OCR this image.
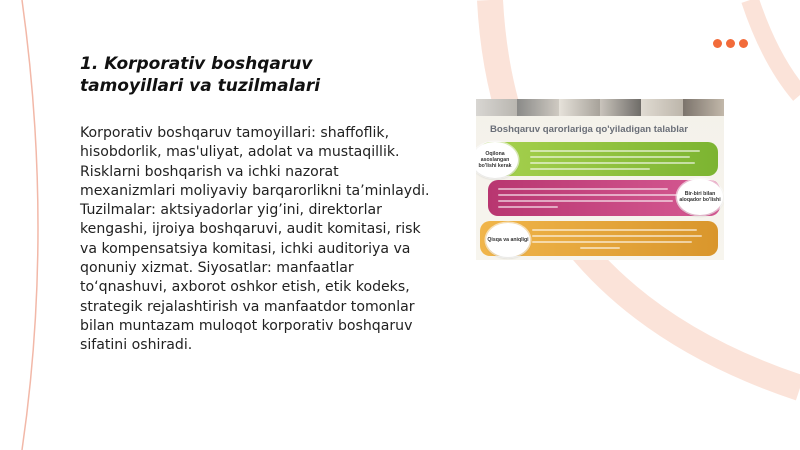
1. Korporativ boshqaruv tamoyillari va tuzilmalari

Korporativ boshqaruv tamoyillari: shaffoflik, hisobdorlik, mas'uliyat, adolat va mustaqillik. Risklarni boshqarish va ichki nazorat mexanizmlari moliyaviy barqarorlikni ta’minlaydi. Tuzilmalar: aktsiyadorlar yig’ini, direktorlar kengashi, ijroiya boshqaruvi, audit komitasi, risk va kompensatsiya komitasi, ichki auditoriya va qonuniy xizmat. Siyosatlar: manfaatlar to‘qnashuvi, axborot oshkor etish, etik kodeks, strategik rejalashtirish va manfaatdor tomonlar bilan muntazam muloqot korporativ boshqaruv sifatini oshiradi.

Boshqaruv qarorlariga qo'yiladigan talablar
Oqilona asoslangan bo'lishi kerak
Bir-biri bilan aloqador bo'lishi
Qisqa va aniqligi
